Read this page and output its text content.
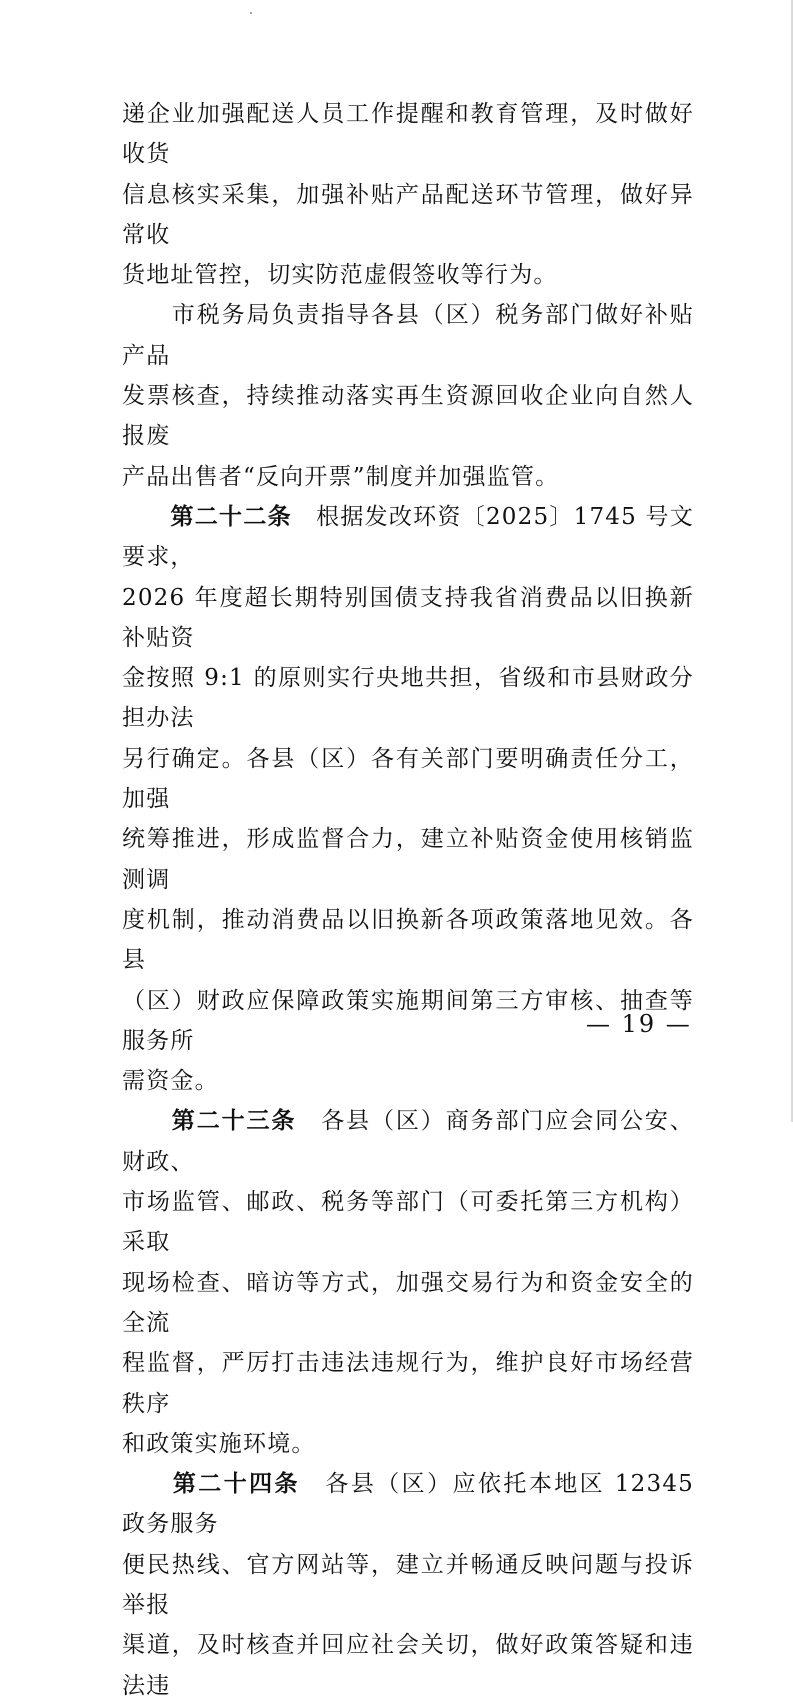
递企业加强配送人员工作提醒和教育管理，及时做好收货
信息核实采集，加强补贴产品配送环节管理，做好异常收
货地址管控，切实防范虚假签收等行为。

　　市税务局负责指导各县（区）税务部门做好补贴产品
发票核查，持续推动落实再生资源回收企业向自然人报废
产品出售者“反向开票”制度并加强监管。

　　第二十二条　根据发改环资〔2025〕1745 号文要求，
2026 年度超长期特别国债支持我省消费品以旧换新补贴资
金按照 9:1 的原则实行央地共担，省级和市县财政分担办法
另行确定。各县（区）各有关部门要明确责任分工，加强
统筹推进，形成监督合力，建立补贴资金使用核销监测调
度机制，推动消费品以旧换新各项政策落地见效。各县
（区）财政应保障政策实施期间第三方审核、抽查等服务所
需资金。

　　第二十三条　各县（区）商务部门应会同公安、财政、
市场监管、邮政、税务等部门（可委托第三方机构）采取
现场检查、暗访等方式，加强交易行为和资金安全的全流
程监督，严厉打击违法违规行为，维护良好市场经营秩序
和政策实施环境。

　　第二十四条　各县（区）应依托本地区 12345 政务服务
便民热线、官方网站等，建立并畅通反映问题与投诉举报
渠道，及时核查并回应社会关切，做好政策答疑和违法违

— 19 —
